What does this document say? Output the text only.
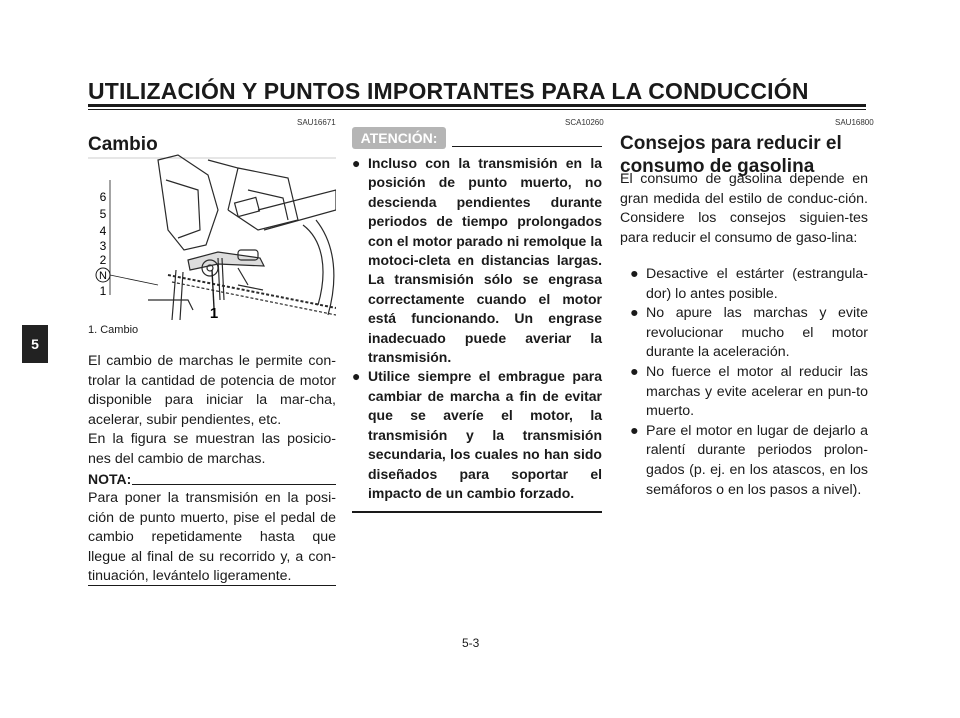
UTILIZACIÓN Y PUNTOS IMPORTANTES PARA LA CONDUCCIÓN
5
SAU16671
Cambio
6
5
4
3
2
N
1
1
1. Cambio

El cambio de marchas le permite con-trolar la cantidad de potencia de motor disponible para iniciar la mar-cha, acelerar, subir pendientes, etc.

En la figura se muestran las posicio-nes del cambio de marchas.

NOTA:
Para poner la transmisión en la posi-ción de punto muerto, pise el pedal de cambio repetidamente hasta que llegue al final de su recorrido y, a con-tinuación, levántelo ligeramente.
SCA10260
ATENCIÓN:
● Incluso con la transmisión en la posición de punto muerto, no descienda pendientes durante periodos de tiempo prolongados con el motor parado ni remolque la motoci-cleta en distancias largas. La transmisión sólo se engrasa correctamente cuando el motor está funcionando. Un engrase inadecuado puede averiar la transmisión.
● Utilice siempre el embrague para cambiar de marcha a fin de evitar que se averíe el motor, la transmisión y la transmisión secundaria, los cuales no han sido diseñados para soportar el impacto de un cambio forzado.
SAU16800
Consejos para reducir el
consumo de gasolina
El consumo de gasolina depende en gran medida del estilo de conduc-ción. Considere los consejos siguien-tes para reducir el consumo de gaso-lina:
● Desactive el estárter (estrangula-dor) lo antes posible.
● No apure las marchas y evite revolucionar mucho el motor durante la aceleración.
● No fuerce el motor al reducir las marchas y evite acelerar en pun-to muerto.
● Pare el motor en lugar de dejarlo a ralentí durante periodos prolon-gados (p. ej. en los atascos, en los semáforos o en los pasos a nivel).
5-3
